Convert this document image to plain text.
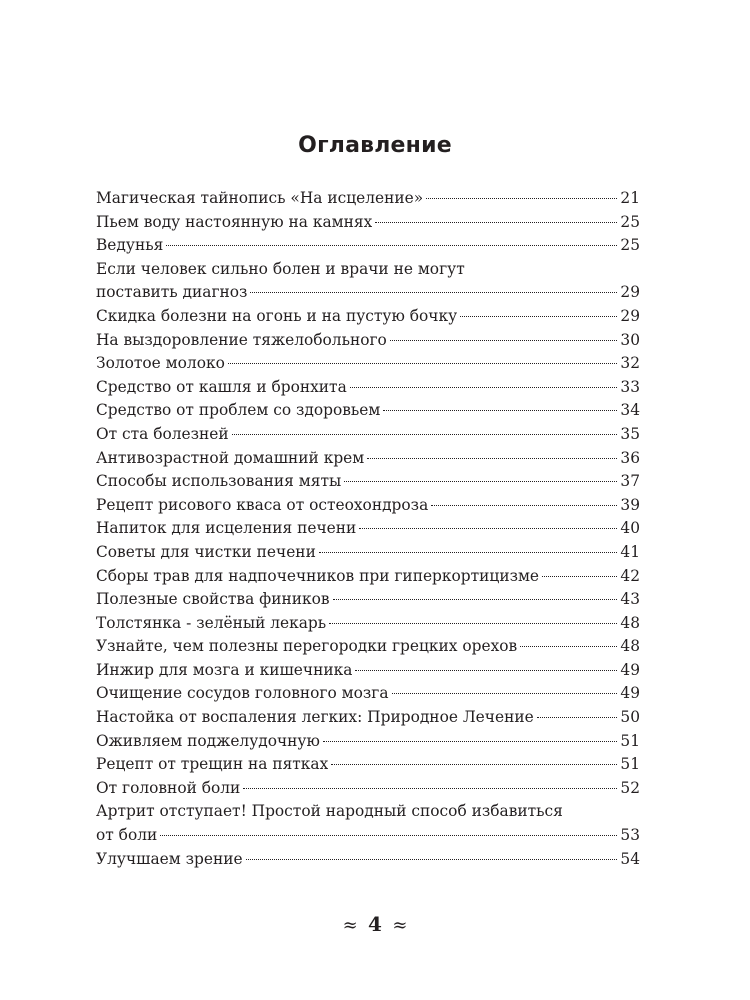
Оглавление
Магическая тайнопись «На исцеление»	21
Пьем воду настоянную на камнях	25
Ведунья	25
Если человек сильно болен и врачи не могут
поставить диагноз	29
Скидка болезни на огонь и на пустую бочку	29
На выздоровление тяжелобольного	30
Золотое молоко	32
Средство от кашля и бронхита	33
Средство от проблем со здоровьем	34
От ста болезней	35
Антивозрастной домашний крем	36
Способы использования мяты	37
Рецепт рисового кваса от остеохондроза	39
Напиток для исцеления печени	40
Советы для чистки печени	41
Сборы трав для надпочечников при гиперкортицизме	42
Полезные свойства фиников	43
Толстянка - зелёный лекарь	48
Узнайте, чем полезны перегородки грецких орехов	48
Инжир для мозга и кишечника	49
Очищение сосудов головного мозга	49
Настойка от воспаления легких: Природное Лечение	50
Оживляем поджелудочную	51
Рецепт от трещин на пятках	51
От головной боли	52
Артрит отступает! Простой народный способ избавиться
от боли	53
Улучшаем зрение	54
≈ 4 ≈
